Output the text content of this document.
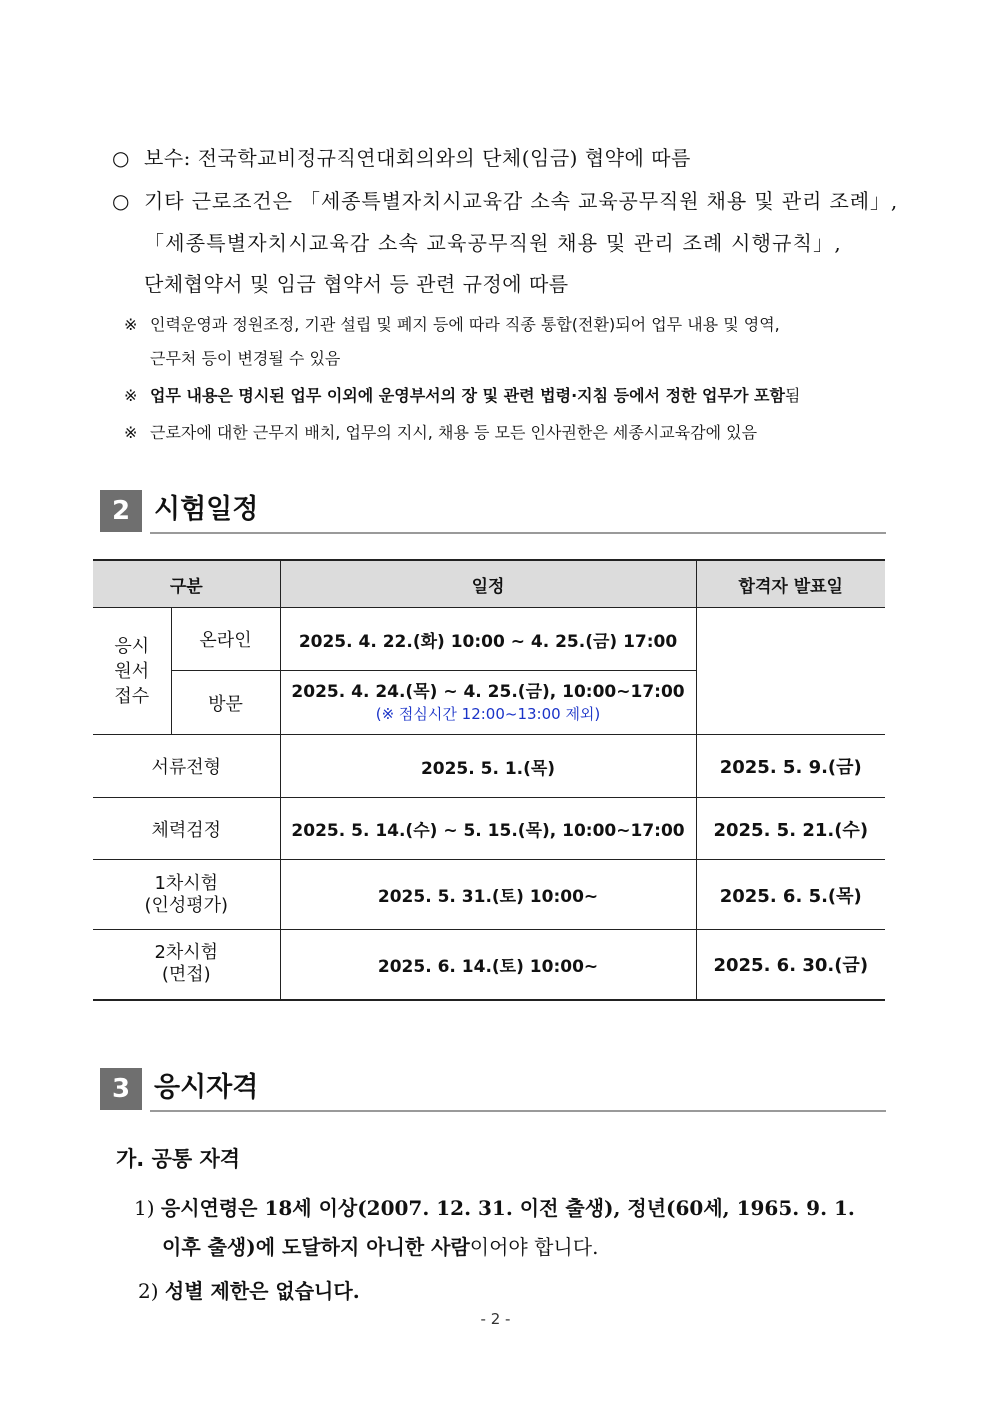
○ 보수: 전국학교비정규직연대회의와의 단체(임금) 협약에 따름
○ 기타 근로조건은 「세종특별자치시교육감 소속 교육공무직원 채용 및 관리 조례」,
「세종특별자치시교육감 소속 교육공무직원 채용 및 관리 조례 시행규칙」,
단체협약서 및 임금 협약서 등 관련 규정에 따름
※ 인력운영과 정원조정, 기관 설립 및 폐지 등에 따라 직종 통합(전환)되어 업무 내용 및 영역,
근무처 등이 변경될 수 있음
※ 업무 내용은 명시된 업무 이외에 운영부서의 장 및 관련 법령·지침 등에서 정한 업무가 포함됨
※ 근로자에 대한 근무지 배치, 업무의 지시, 채용 등 모든 인사권한은 세종시교육감에 있음
2 시험일정
구분		일정	합격자 발표일
응시
원서
접수	온라인	2025. 4. 22.(화) 10:00 ~ 4. 25.(금) 17:00	
	방문	2025. 4. 24.(목) ~ 4. 25.(금), 10:00~17:00
(※ 점심시간 12:00~13:00 제외)	

서류전형		2025. 5. 1.(목)	2025. 5. 9.(금)
체력검정		2025. 5. 14.(수) ~ 5. 15.(목), 10:00~17:00	2025. 5. 21.(수)
1차시험
(인성평가)		2025. 5. 31.(토) 10:00~	2025. 6. 5.(목)
2차시험
(면접)		2025. 6. 14.(토) 10:00~	2025. 6. 30.(금)
3 응시자격
가. 공통 자격
1) 응시연령은 18세 이상(2007. 12. 31. 이전 출생), 정년(60세, 1965. 9. 1.
이후 출생)에 도달하지 아니한 사람이어야 합니다.
2) 성별 제한은 없습니다.
- 2 -
